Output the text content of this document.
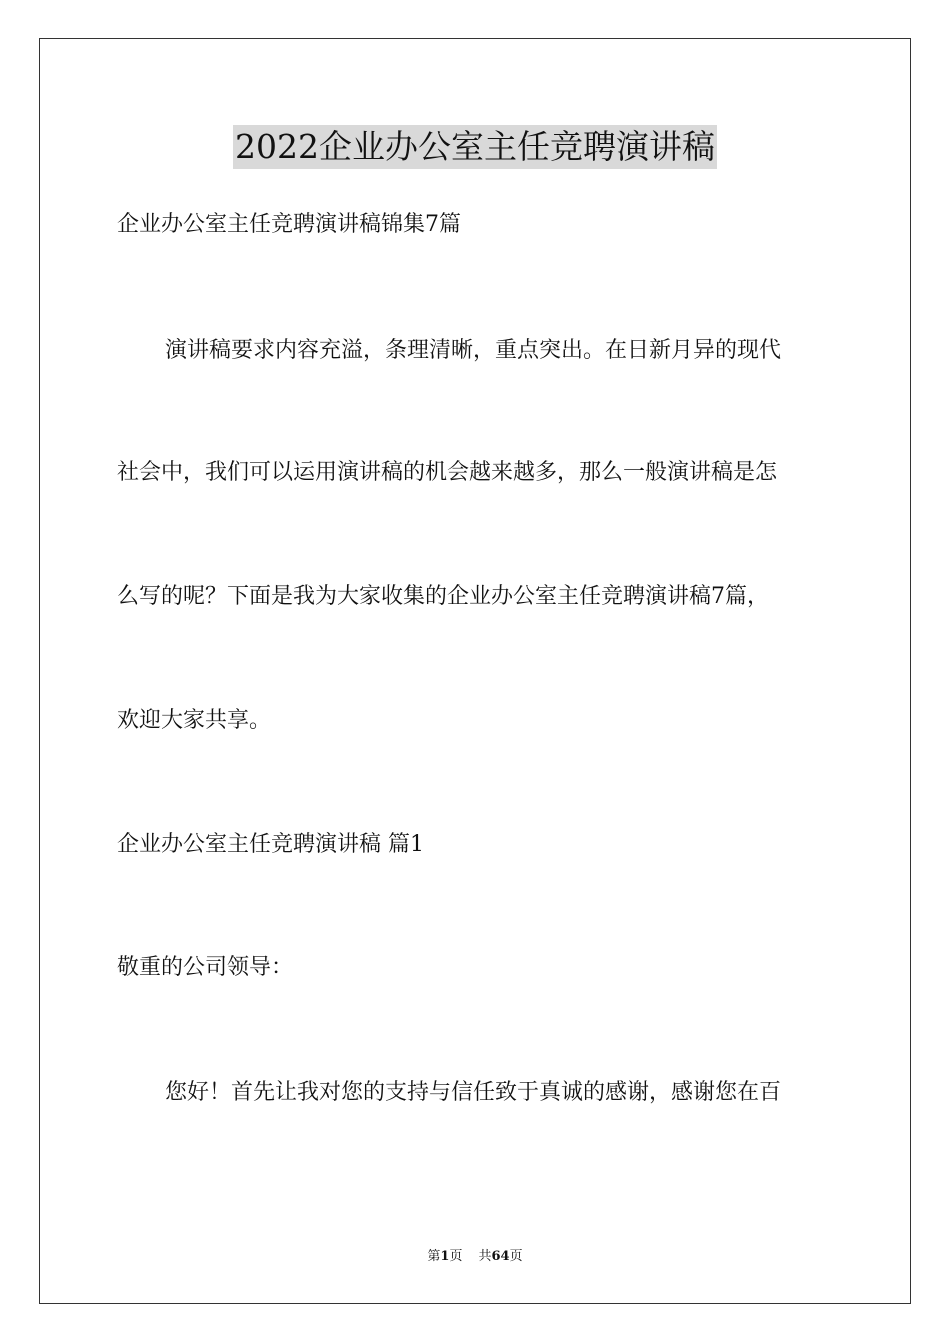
2022企业办公室主任竞聘演讲稿
企业办公室主任竞聘演讲稿锦集7篇
演讲稿要求内容充溢，条理清晰，重点突出。在日新月异的现代
社会中，我们可以运用演讲稿的机会越来越多，那么一般演讲稿是怎
么写的呢？下面是我为大家收集的企业办公室主任竞聘演讲稿7篇，
欢迎大家共享。
企业办公室主任竞聘演讲稿 篇1
敬重的公司领导：
您好！首先让我对您的支持与信任致于真诚的感谢，感谢您在百
第1页 共64页
